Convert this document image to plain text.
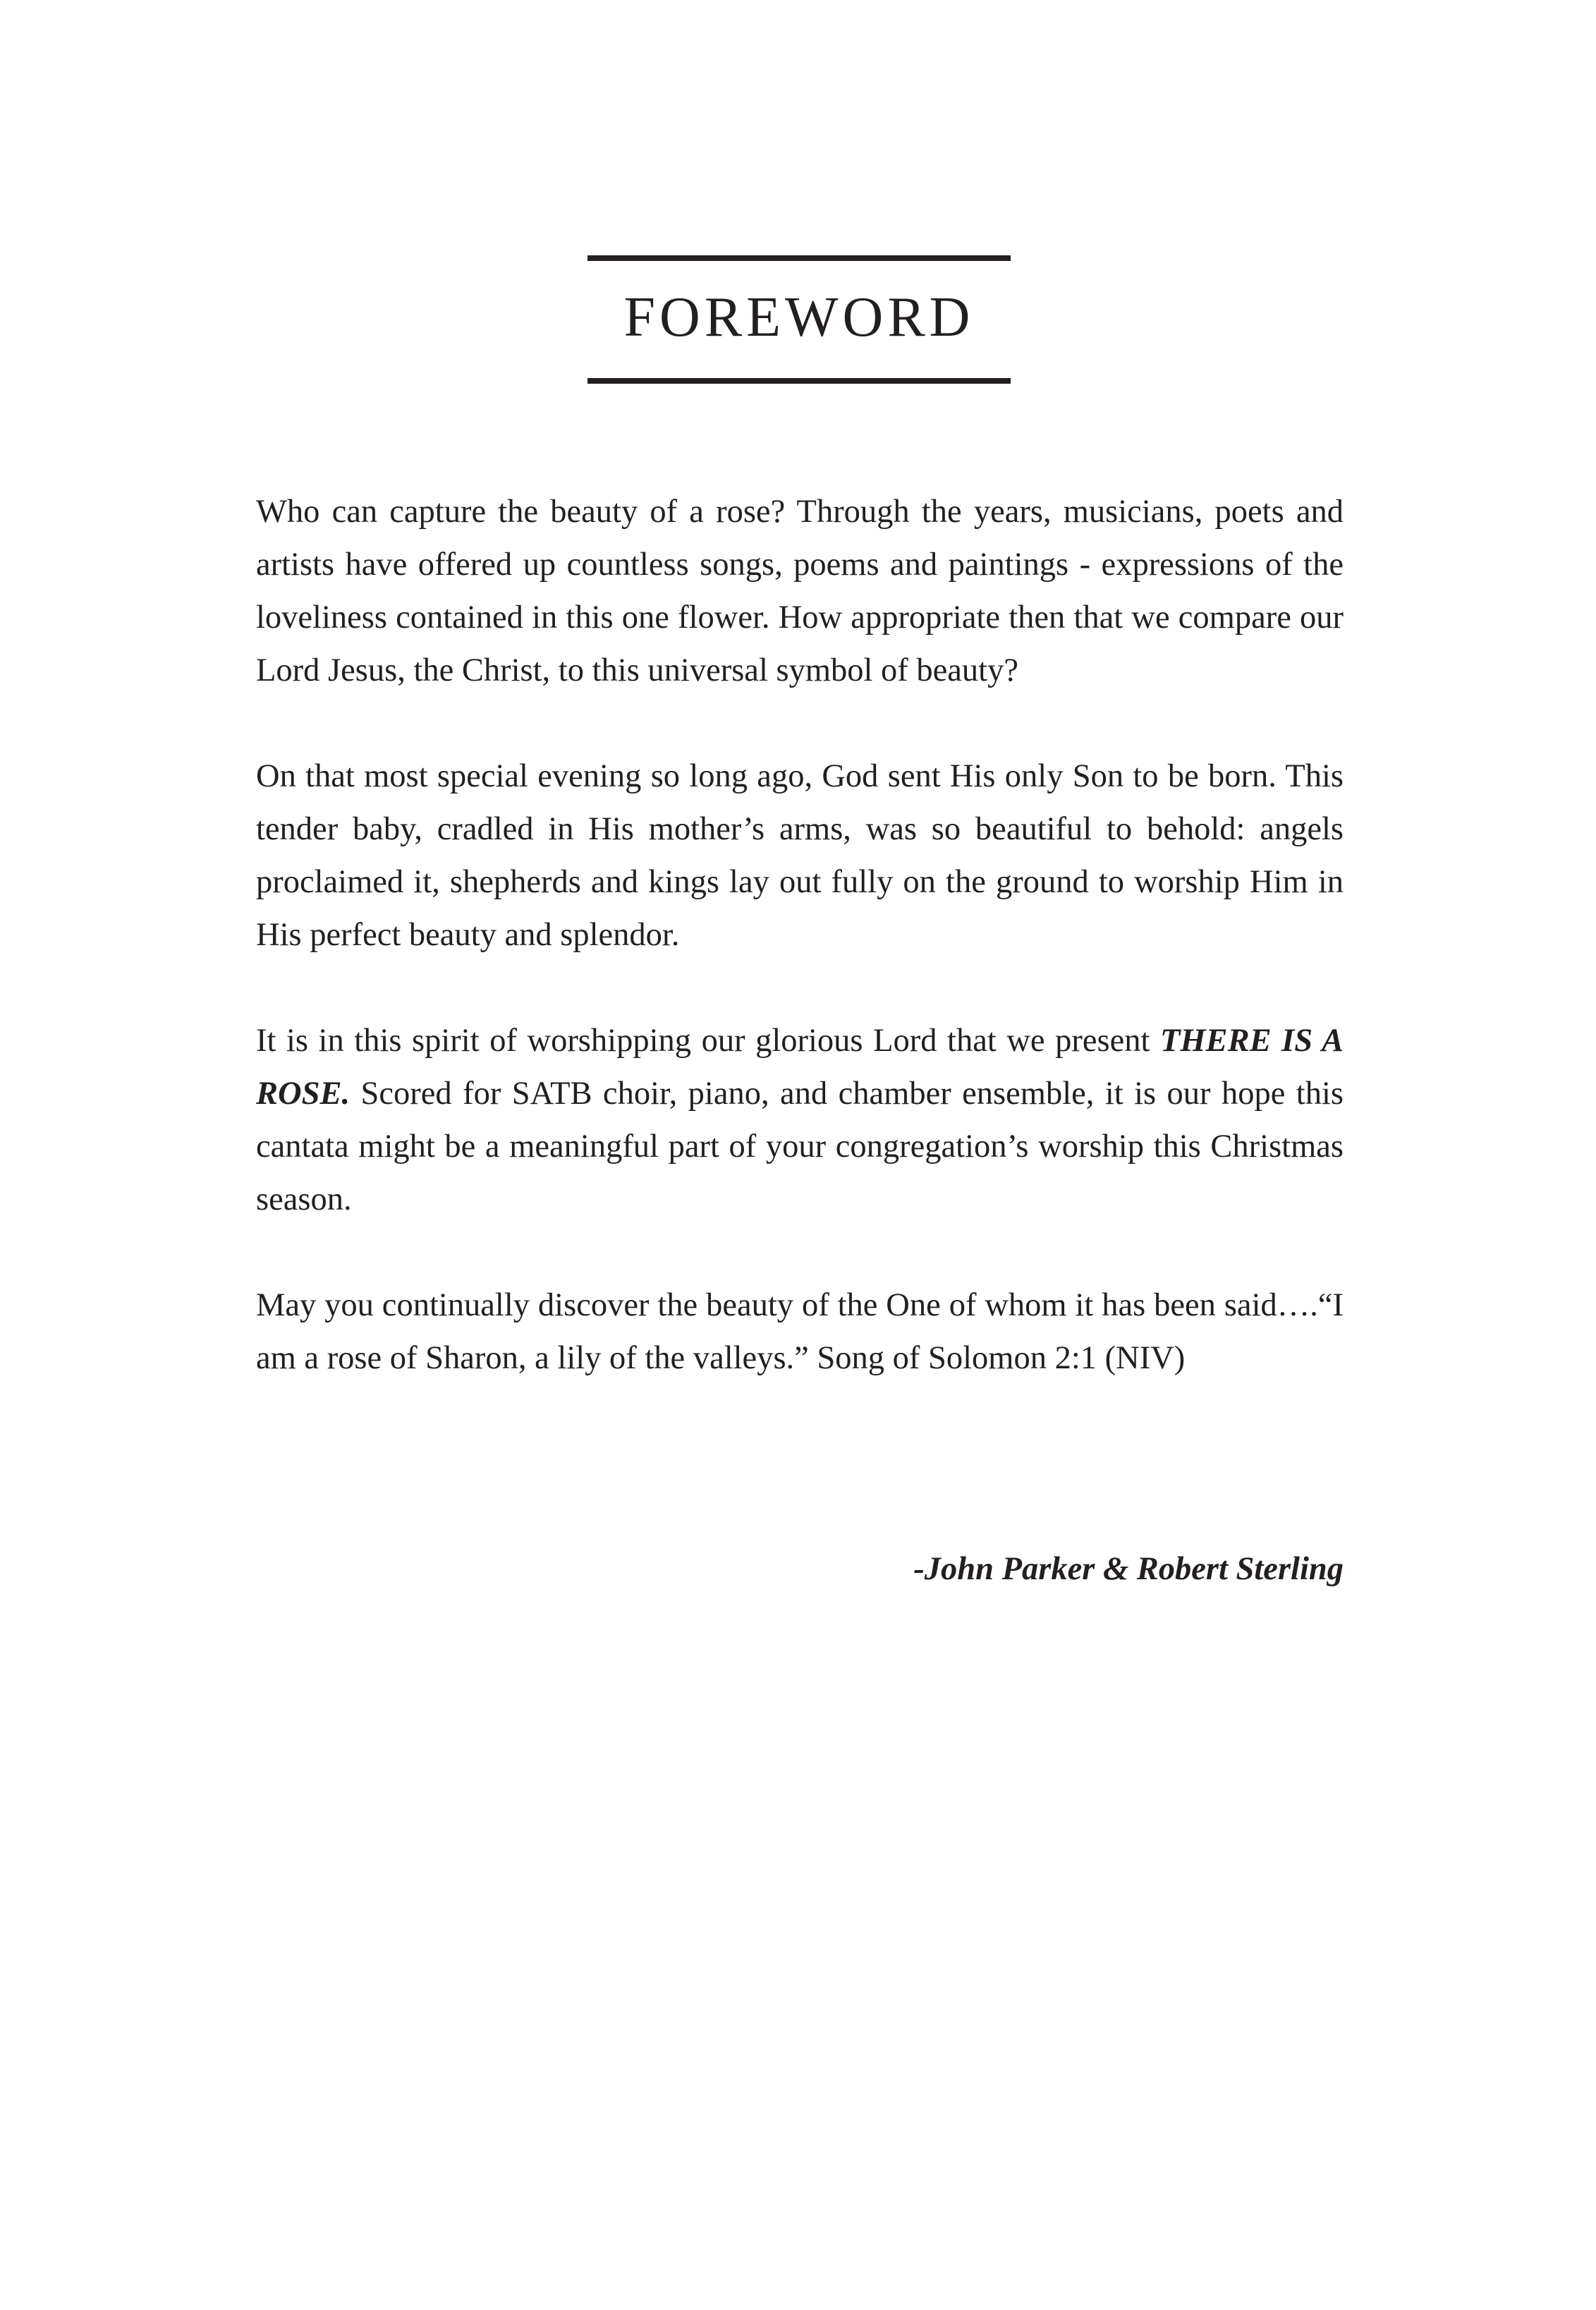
FOREWORD

Who can capture the beauty of a rose? Through the years, musicians, poets and artists have offered up countless songs, poems and paintings - expressions of the loveliness contained in this one flower. How appropriate then that we compare our Lord Jesus, the Christ, to this universal symbol of beauty?

On that most special evening so long ago, God sent His only Son to be born. This tender baby, cradled in His mother’s arms, was so beautiful to behold: angels proclaimed it, shepherds and kings lay out fully on the ground to worship Him in His perfect beauty and splendor.

It is in this spirit of worshipping our glorious Lord that we present THERE IS A ROSE. Scored for SATB choir, piano, and chamber ensemble, it is our hope this cantata might be a meaningful part of your congregation’s worship this Christmas season.

May you continually discover the beauty of the One of whom it has been said….“I am a rose of Sharon, a lily of the valleys.” Song of Solomon 2:1 (NIV)

-John Parker & Robert Sterling
